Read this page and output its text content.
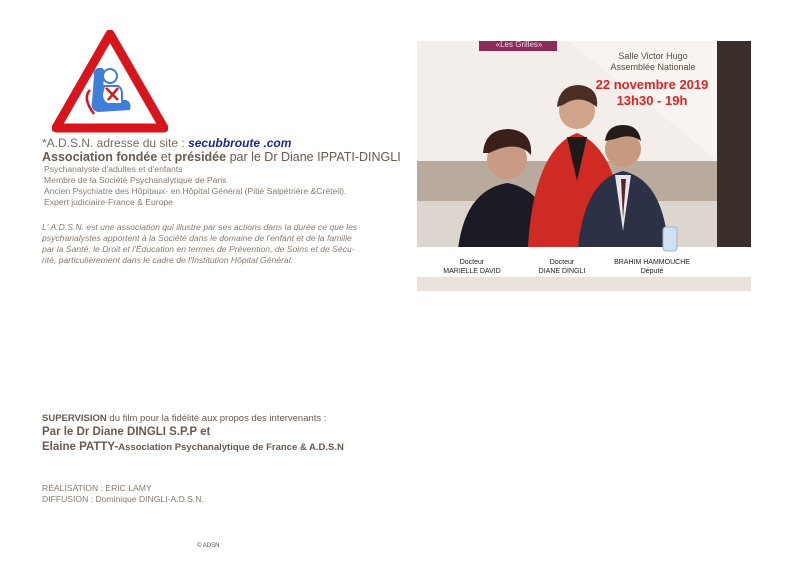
*A.D.S.N. adresse du site : secubbroute .com
Association fondée et présidée par le Dr Diane IPPATI-DINGLI
Psychanalyste d'adultes et d'enfants
Membre de la Société Psychanalytique de Paris
Ancien Psychiatre des Hôpitaux- en Hôpital Général (Pitié Salpétrière &Créteil).
Expert judiciaire-France & Europe

L' A.D.S.N. est une association qui illustre par ses actions dans la durée ce que les

psychanalystes apportent à la Société dans le domaine de l'enfant et de la famille

par la Santé, le Droit et l'Éducation en termes de Prévention, de Soins et de Sécu-

rité, particulièrement dans le cadre de l'Institution Hôpital Général.

«Les Grilles»
Salle Victor Hugo
Assemblée Nationale
22 novembre 2019
13h30 - 19h
Docteur
MARIELLE DAVID
Docteur
DIANE DINGLI
BRAHIM HAMMOUCHE
Député
SUPERVISION du film pour la fidélité aux propos des intervenants :
Par le Dr Diane DINGLI S.P.P et
Elaine PATTY-Association Psychanalytique de France & A.D.S.N
RÉALISATION : ERIC LAMY
DIFFUSION : Dominique DINGLI-A.D.S.N.
© ADSN
